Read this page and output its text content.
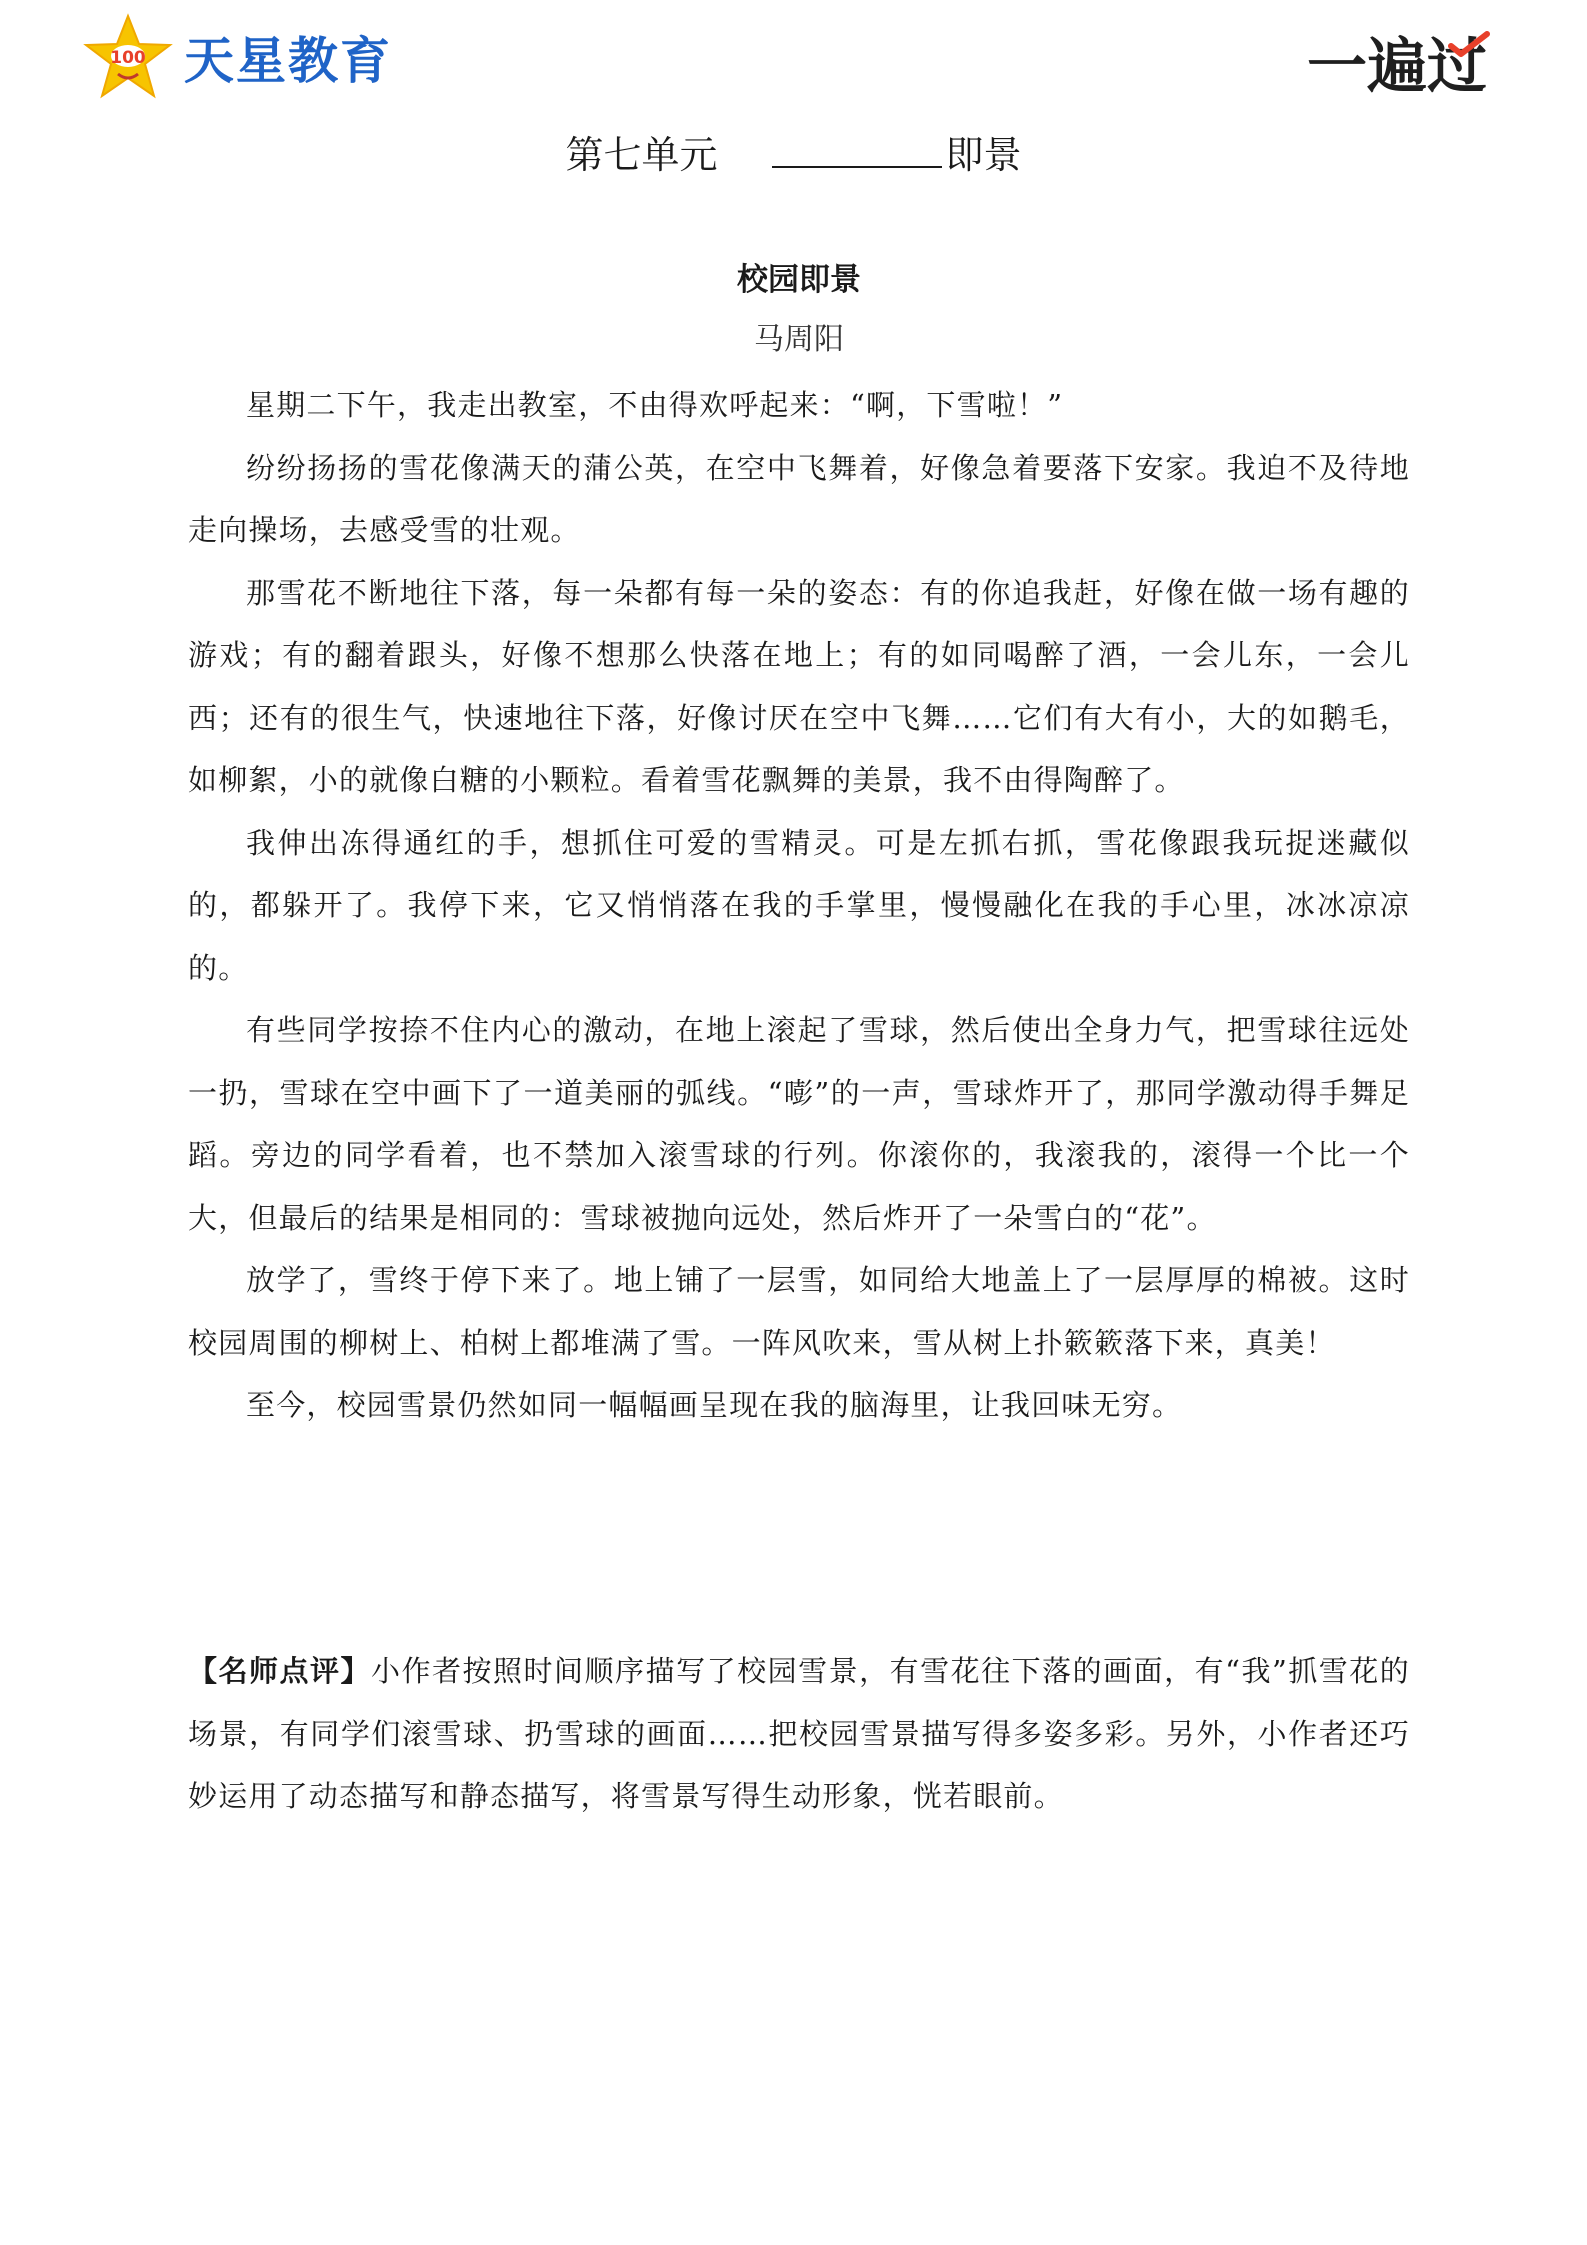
100 天星教育	一遍过
第七单元	即景
校园即景
马周阳

星期二下午，我走出教室，不由得欢呼起来：“啊，下雪啦！”

纷纷扬扬的雪花像满天的蒲公英，在空中飞舞着，好像急着要落下安家。我迫不及待地走向操场，去感受雪的壮观。

那雪花不断地往下落，每一朵都有每一朵的姿态：有的你追我赶，好像在做一场有趣的游戏；有的翻着跟头，好像不想那么快落在地上；有的如同喝醉了酒，一会儿东，一会儿西；还有的很生气，快速地往下落，好像讨厌在空中飞舞……它们有大有小，大的如鹅毛，如柳絮，小的就像白糖的小颗粒。看着雪花飘舞的美景，我不由得陶醉了。

我伸出冻得通红的手，想抓住可爱的雪精灵。可是左抓右抓，雪花像跟我玩捉迷藏似的，都躲开了。我停下来，它又悄悄落在我的手掌里，慢慢融化在我的手心里，冰冰凉凉的。

有些同学按捺不住内心的激动，在地上滚起了雪球，然后使出全身力气，把雪球往远处一扔，雪球在空中画下了一道美丽的弧线。“嘭”的一声，雪球炸开了，那同学激动得手舞足蹈。旁边的同学看着，也不禁加入滚雪球的行列。你滚你的，我滚我的，滚得一个比一个大，但最后的结果是相同的：雪球被抛向远处，然后炸开了一朵雪白的“花”。

放学了，雪终于停下来了。地上铺了一层雪，如同给大地盖上了一层厚厚的棉被。这时校园周围的柳树上、柏树上都堆满了雪。一阵风吹来，雪从树上扑簌簌落下来，真美！

至今，校园雪景仍然如同一幅幅画呈现在我的脑海里，让我回味无穷。

【名师点评】小作者按照时间顺序描写了校园雪景，有雪花往下落的画面，有“我”抓雪花的场景，有同学们滚雪球、扔雪球的画面……把校园雪景描写得多姿多彩。另外，小作者还巧妙运用了动态描写和静态描写，将雪景写得生动形象，恍若眼前。
